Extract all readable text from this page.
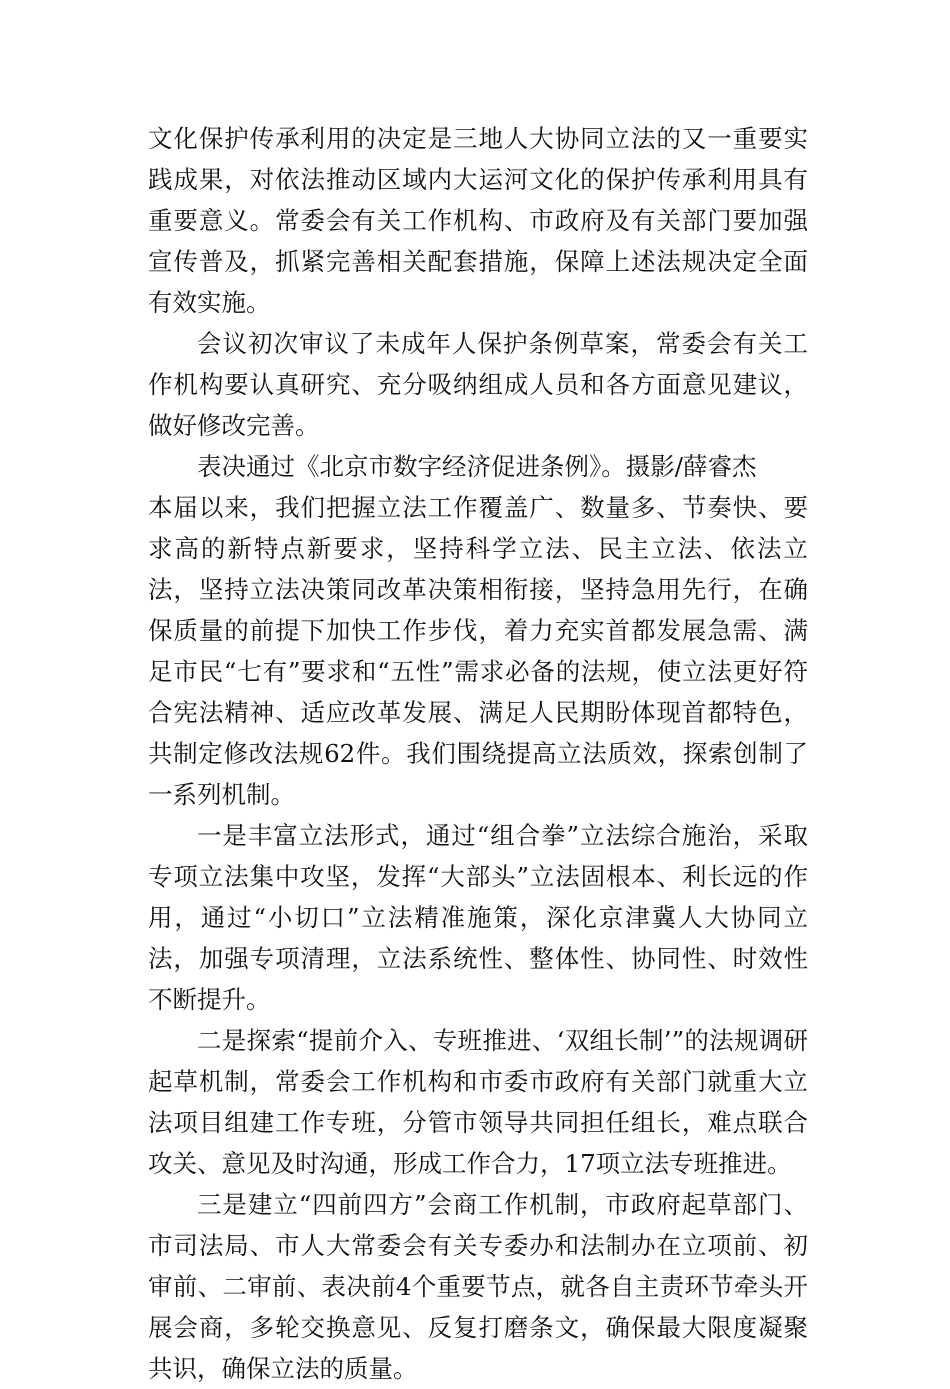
文化保护传承利用的决定是三地人大协同立法的又一重要实践成果，对依法推动区域内大运河文化的保护传承利用具有重要意义。常委会有关工作机构、市政府及有关部门要加强宣传普及，抓紧完善相关配套措施，保障上述法规决定全面有效实施。

会议初次审议了未成年人保护条例草案，常委会有关工作机构要认真研究、充分吸纳组成人员和各方面意见建议，做好修改完善。

表决通过《北京市数字经济促进条例》。摄影/薛睿杰

本届以来，我们把握立法工作覆盖广、数量多、节奏快、要求高的新特点新要求，坚持科学立法、民主立法、依法立法，坚持立法决策同改革决策相衔接，坚持急用先行，在确保质量的前提下加快工作步伐，着力充实首都发展急需、满足市民“七有”要求和“五性”需求必备的法规，使立法更好符合宪法精神、适应改革发展、满足人民期盼体现首都特色，共制定修改法规62件。我们围绕提高立法质效，探索创制了一系列机制。

一是丰富立法形式，通过“组合拳”立法综合施治，采取专项立法集中攻坚，发挥“大部头”立法固根本、利长远的作用，通过“小切口”立法精准施策，深化京津冀人大协同立法，加强专项清理，立法系统性、整体性、协同性、时效性不断提升。

二是探索“提前介入、专班推进、‘双组长制’”的法规调研起草机制，常委会工作机构和市委市政府有关部门就重大立法项目组建工作专班，分管市领导共同担任组长，难点联合攻关、意见及时沟通，形成工作合力，17项立法专班推进。

三是建立“四前四方”会商工作机制，市政府起草部门、市司法局、市人大常委会有关专委办和法制办在立项前、初审前、二审前、表决前4个重要节点，就各自主责环节牵头开展会商，多轮交换意见、反复打磨条文，确保最大限度凝聚共识，确保立法的质量。
